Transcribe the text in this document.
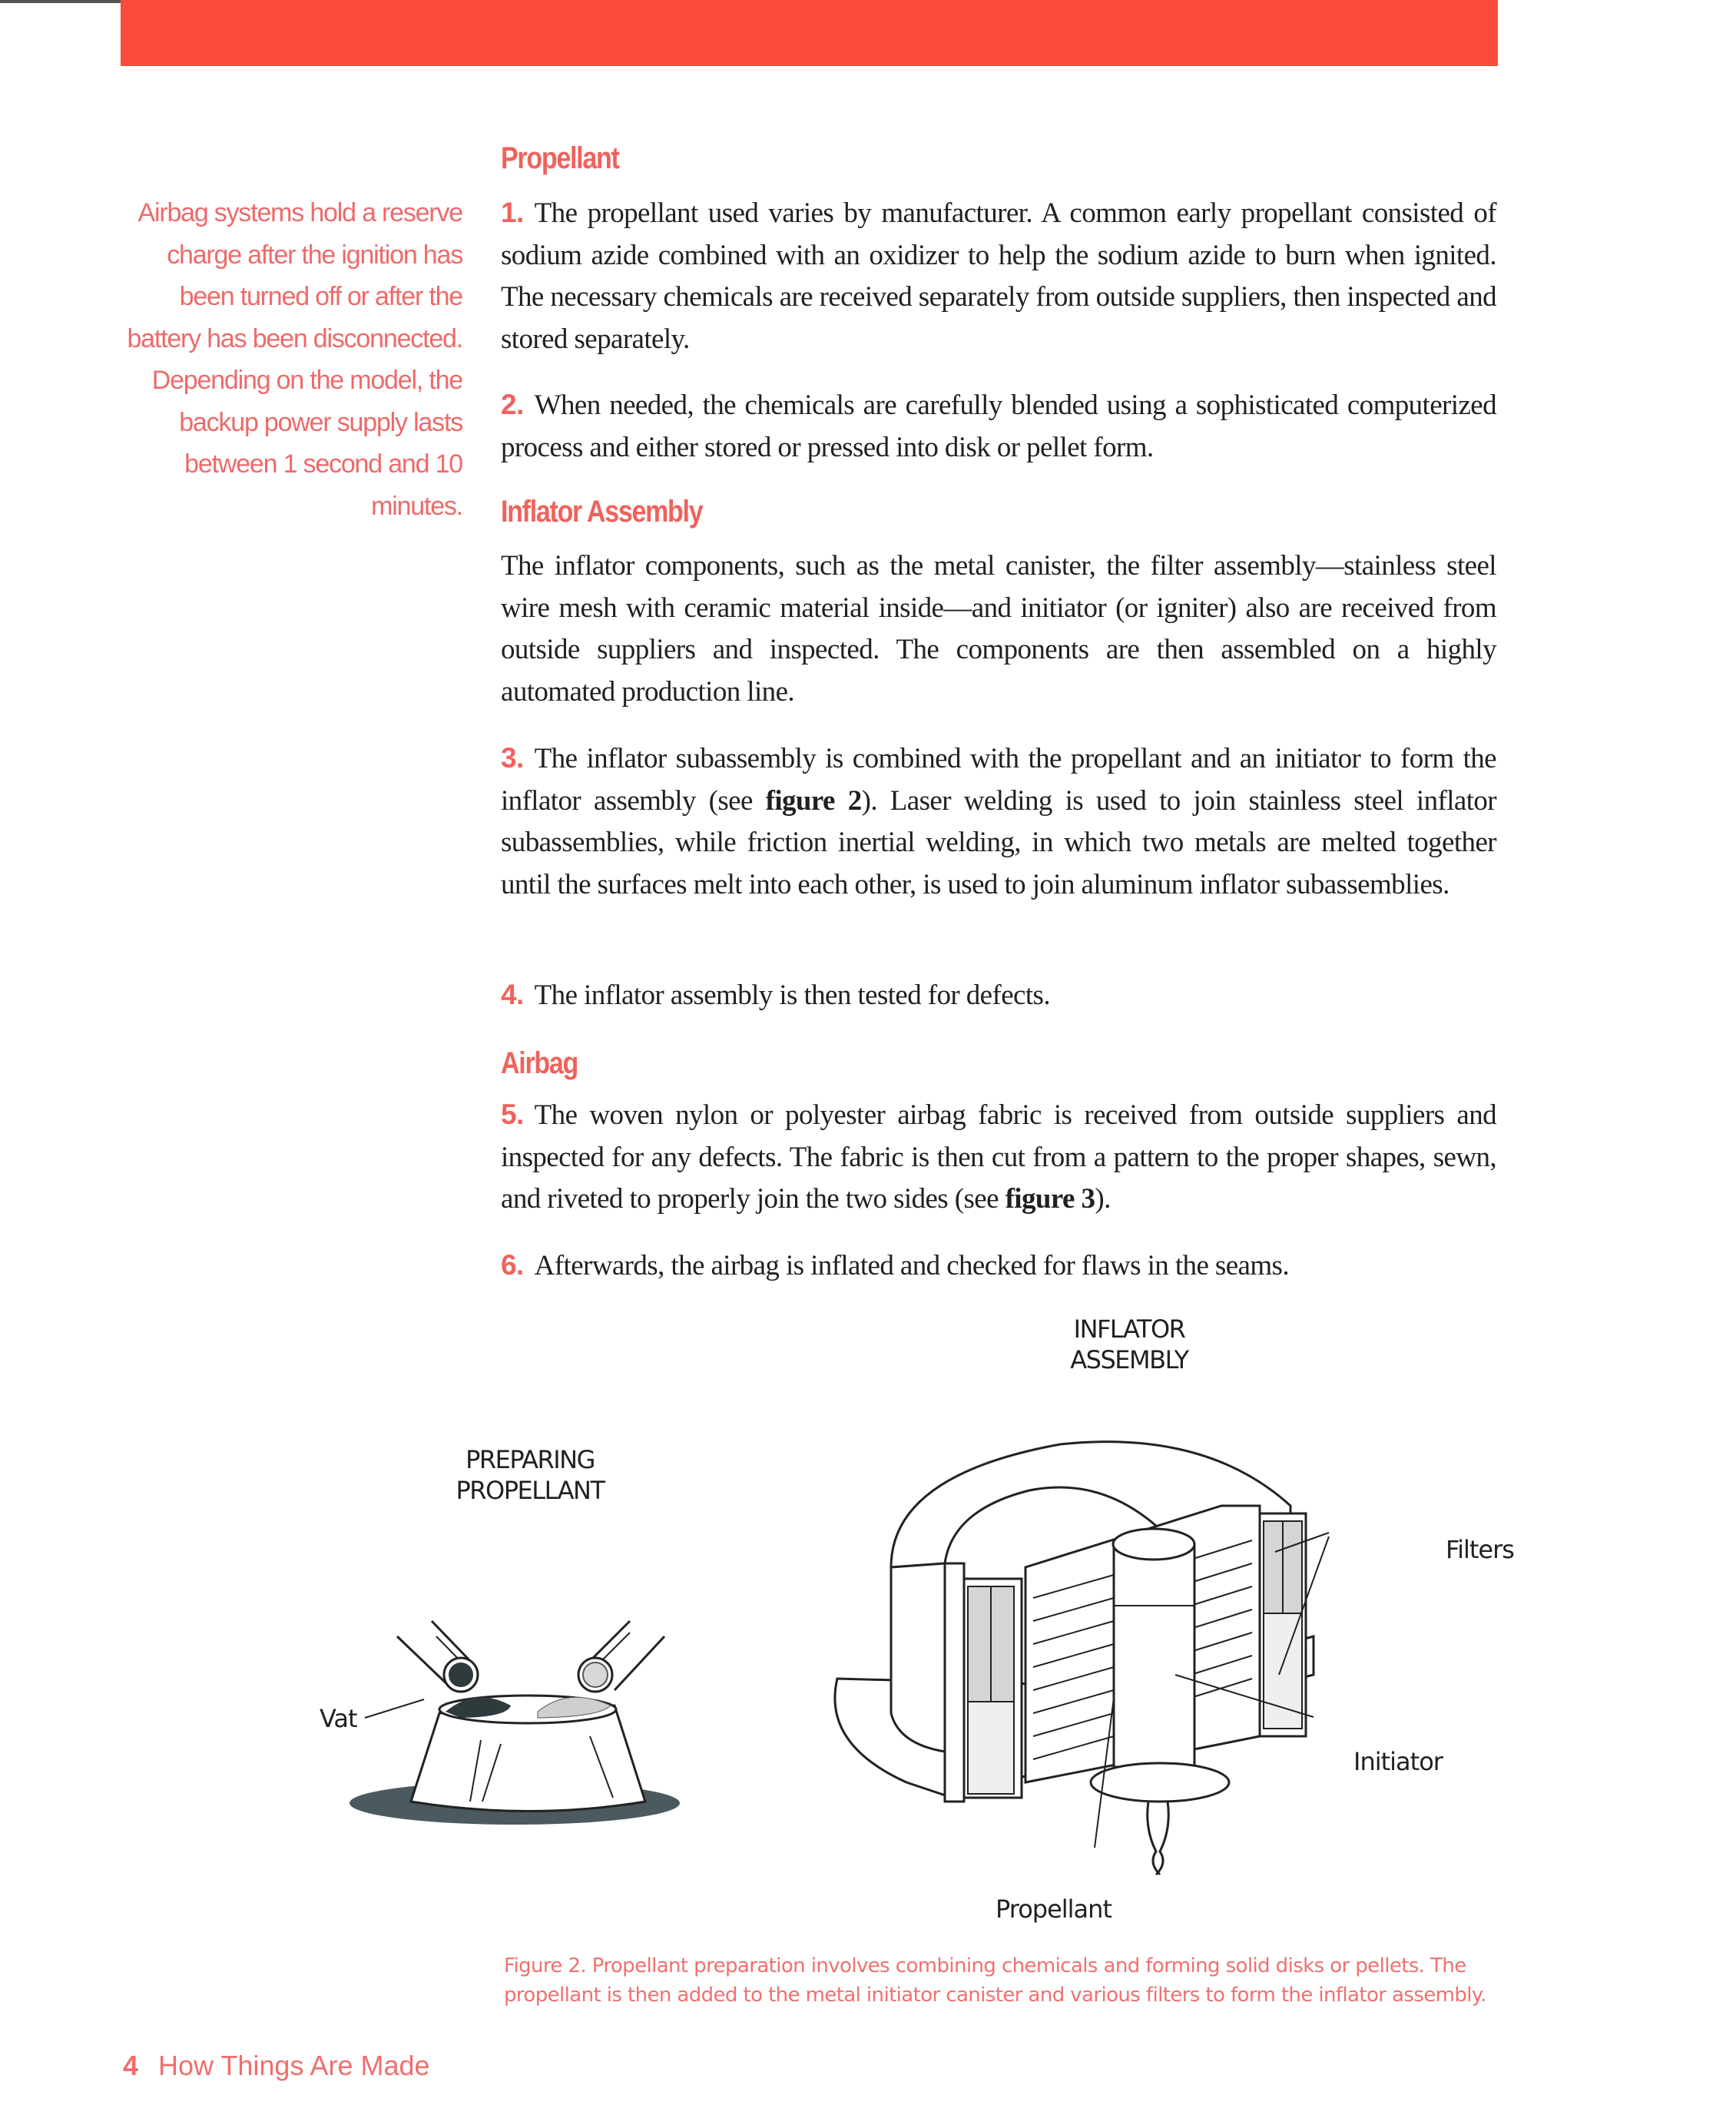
Airbag systems hold a reserve charge after the ignition has been turned off or after the battery has been disconnected. Depending on the model, the backup power supply lasts between 1 second and 10 minutes.
Propellant
1. The propellant used varies by manufacturer. A common early propellant consisted of sodium azide combined with an oxidizer to help the sodium azide to burn when ignited. The necessary chemicals are received separately from outside suppliers, then inspected and stored separately.
2. When needed, the chemicals are carefully blended using a sophisticated computerized process and either stored or pressed into disk or pellet form.
Inflator Assembly
The inflator components, such as the metal canister, the filter assembly—stainless steel wire mesh with ceramic material inside—and initiator (or igniter) also are received from outside suppliers and inspected. The components are then assembled on a highly automated production line.
3. The inflator subassembly is combined with the propellant and an initiator to form the inflator assembly (see figure 2). Laser welding is used to join stainless steel inflator subassemblies, while friction inertial welding, in which two metals are melted together until the surfaces melt into each other, is used to join aluminum inflator subassemblies.
4. The inflator assembly is then tested for defects.
Airbag
5. The woven nylon or polyester airbag fabric is received from outside suppliers and inspected for any defects. The fabric is then cut from a pattern to the proper shapes, sewn, and riveted to properly join the two sides (see figure 3).
6. Afterwards, the airbag is inflated and checked for flaws in the seams.
PREPARING
PROPELLANT
Vat
INFLATOR
ASSEMBLY
Filters
Initiator
Propellant
Figure 2. Propellant preparation involves combining chemicals and forming solid disks or pellets. The propellant is then added to the metal initiator canister and various filters to form the inflator assembly.
4 How Things Are Made
